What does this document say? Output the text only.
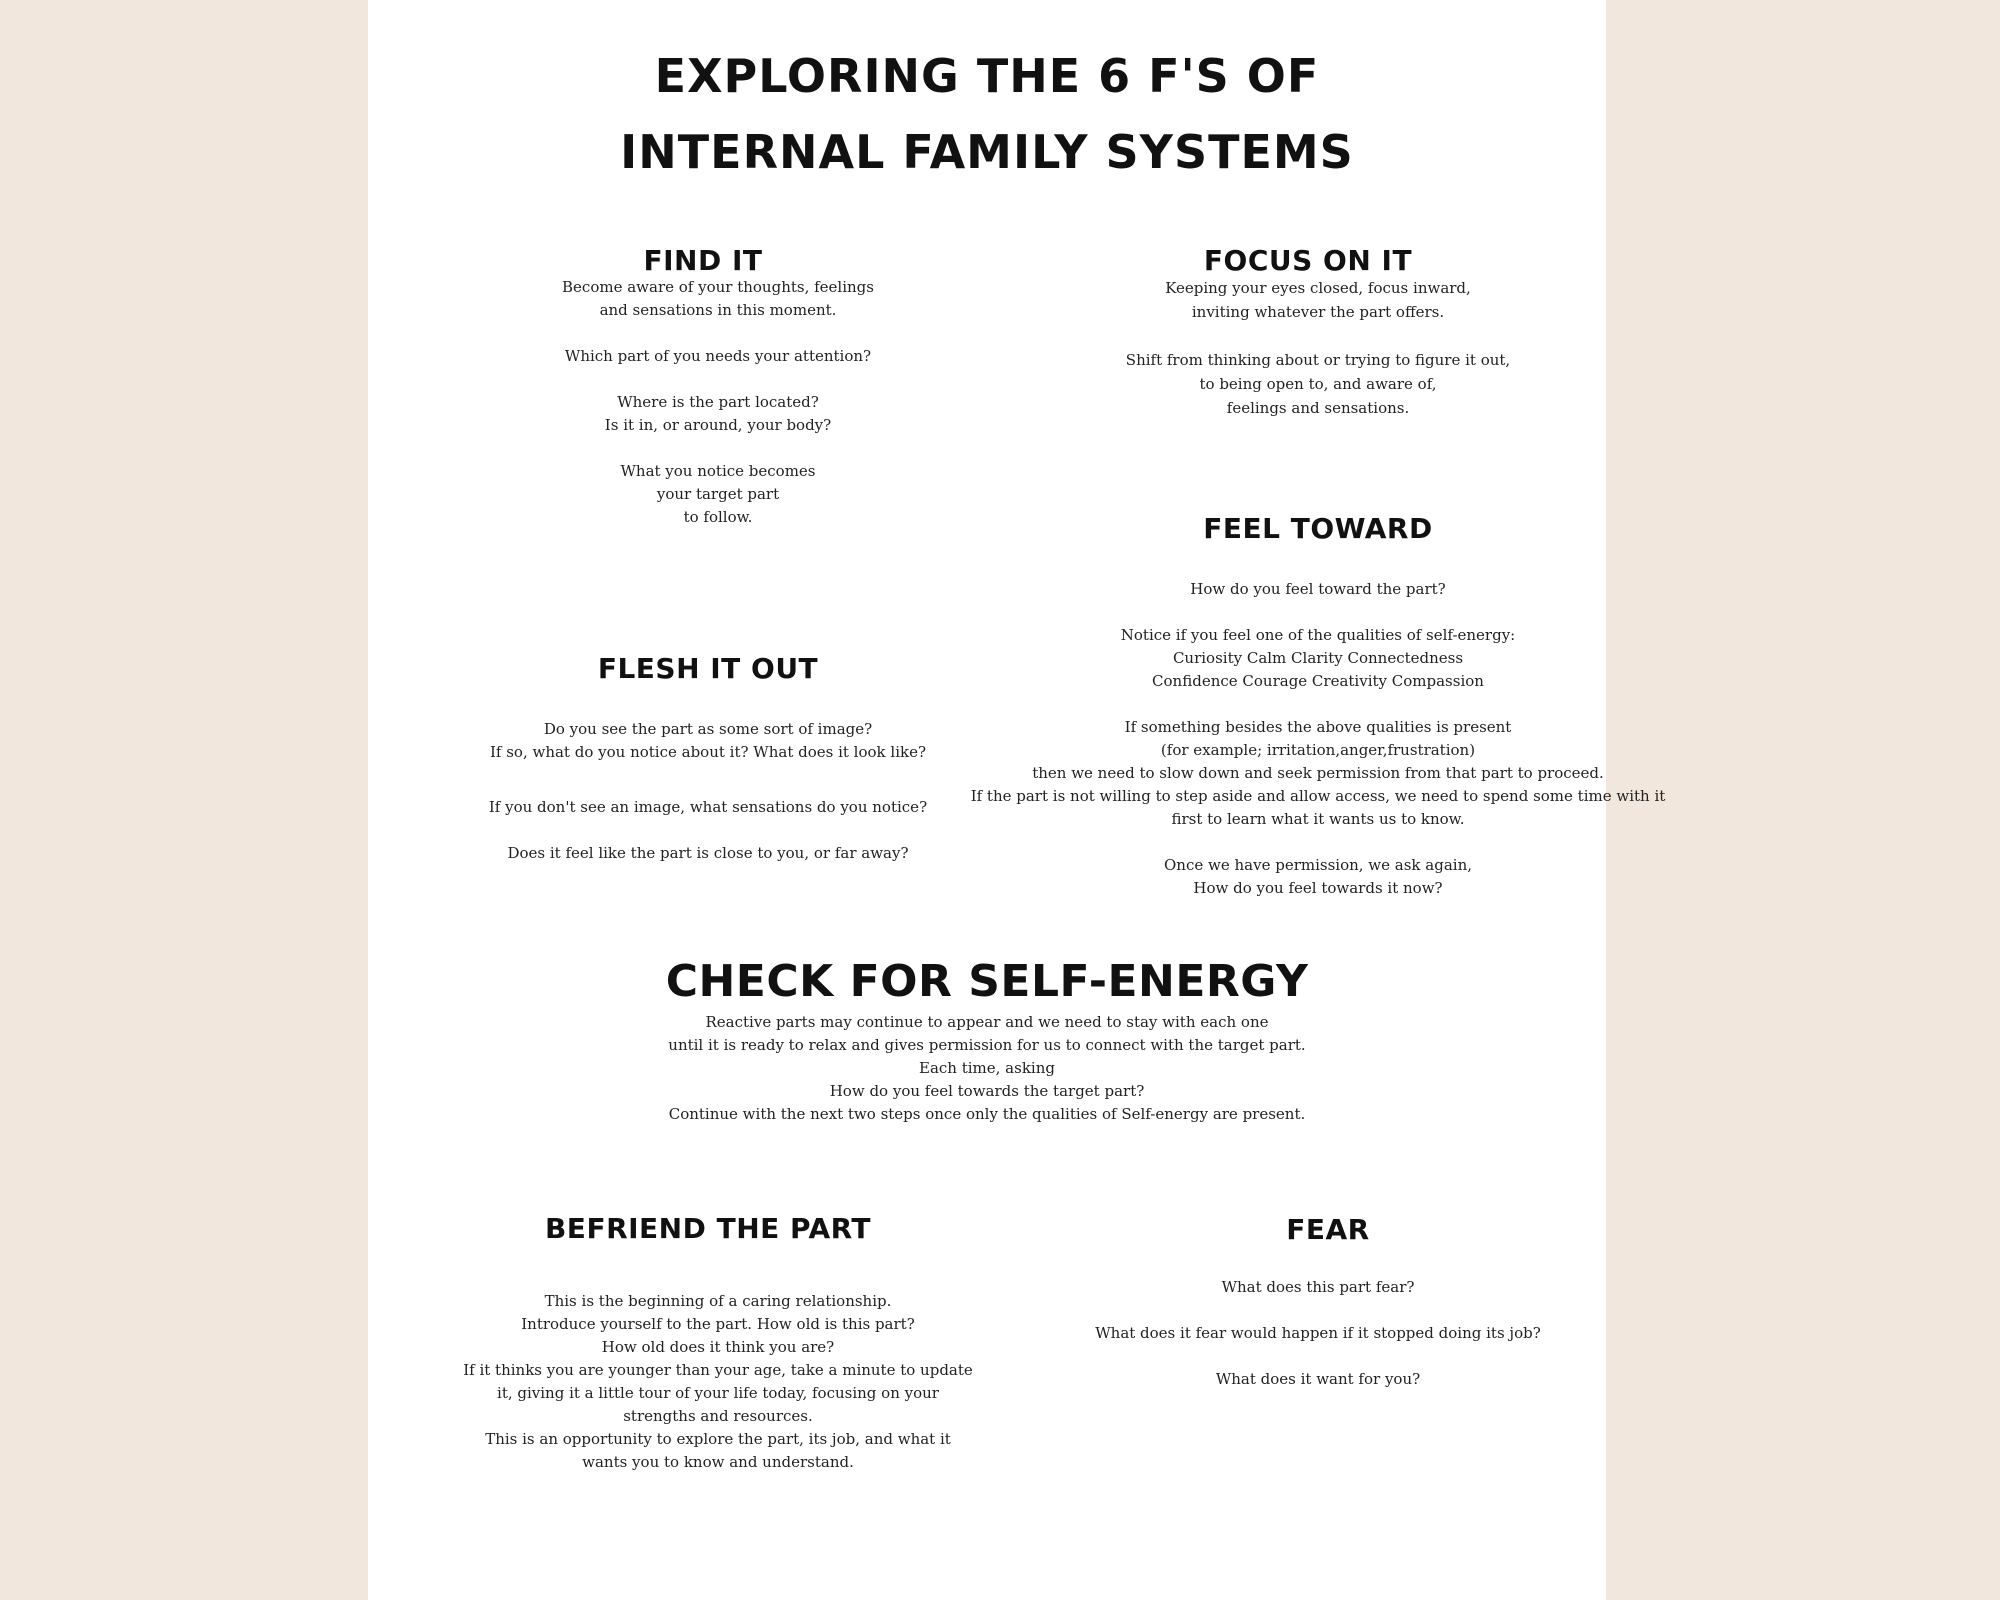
EXPLORING THE 6 F'S OF
INTERNAL FAMILY SYSTEMS
FIND IT
Become aware of your thoughts, feelings
and sensations in this moment.
Which part of you needs your attention?
Where is the part located?
Is it in, or around, your body?
What you notice becomes
your target part
to follow.
FOCUS ON IT
Keeping your eyes closed, focus inward,
inviting whatever the part offers.
Shift from thinking about or trying to figure it out,
to being open to, and aware of,
feelings and sensations.
FEEL TOWARD
How do you feel toward the part?
Notice if you feel one of the qualities of self-energy:
Curiosity Calm Clarity Connectedness
Confidence Courage Creativity Compassion
If something besides the above qualities is present
(for example; irritation,anger,frustration)
then we need to slow down and seek permission from that part to proceed.
If the part is not willing to step aside and allow access, we need to spend some time with it
first to learn what it wants us to know.
Once we have permission, we ask again,
How do you feel towards it now?
FLESH IT OUT
Do you see the part as some sort of image?
If so, what do you notice about it? What does it look like?
If you don't see an image, what sensations do you notice?
Does it feel like the part is close to you, or far away?
CHECK FOR SELF-ENERGY
Reactive parts may continue to appear and we need to stay with each one
until it is ready to relax and gives permission for us to connect with the target part.
Each time, asking
How do you feel towards the target part?
Continue with the next two steps once only the qualities of Self-energy are present.
BEFRIEND THE PART
This is the beginning of a caring relationship.
Introduce yourself to the part. How old is this part?
How old does it think you are?
If it thinks you are younger than your age, take a minute to update
it, giving it a little tour of your life today, focusing on your
strengths and resources.
This is an opportunity to explore the part, its job, and what it
wants you to know and understand.
FEAR
What does this part fear?
What does it fear would happen if it stopped doing its job?
What does it want for you?
